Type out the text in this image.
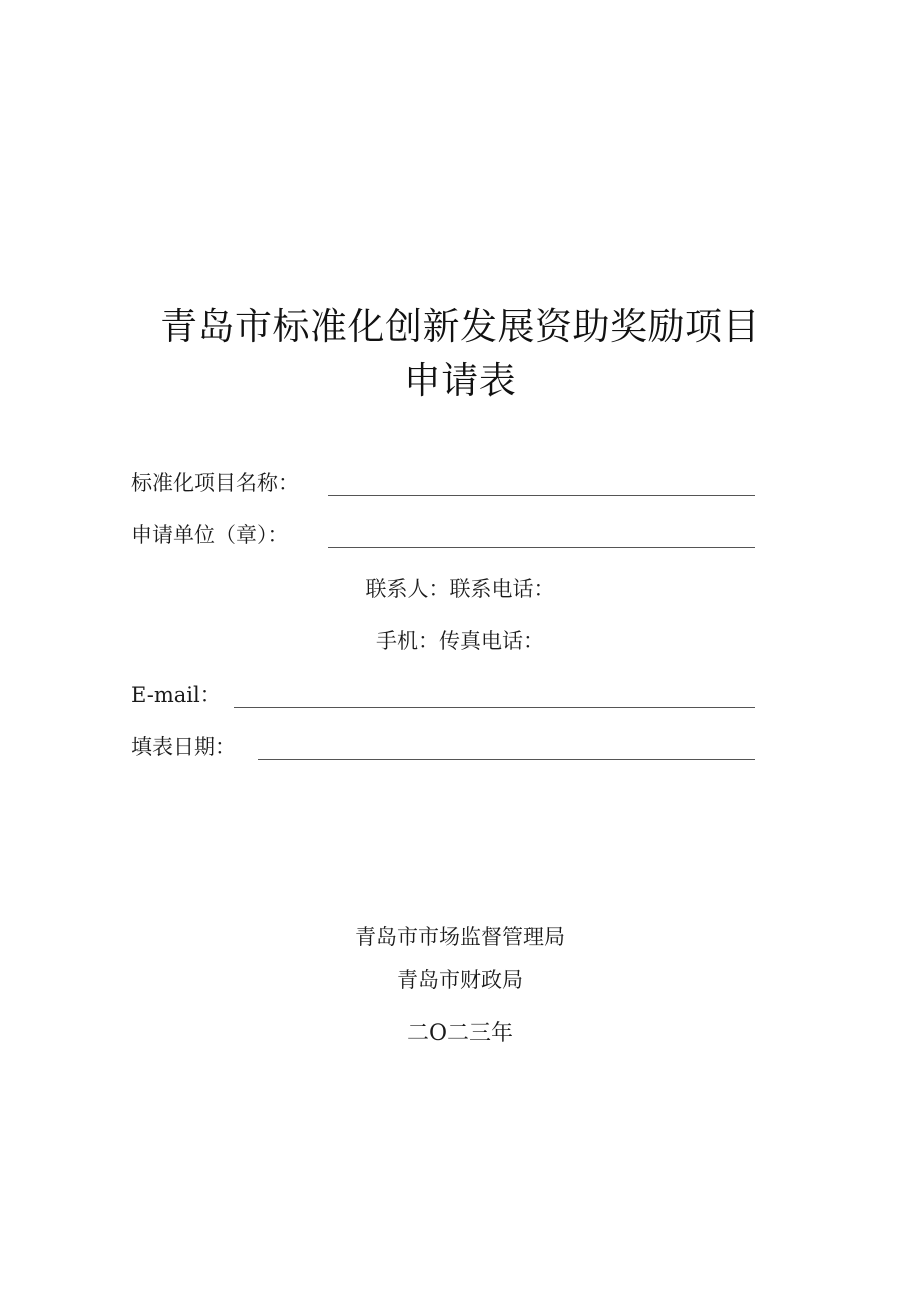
青岛市标准化创新发展资助奖励项目
申请表
标准化项目名称：
申请单位（章）：
联系人：联系电话：
手机：传真电话：
E-mail：
填表日期：
青岛市市场监督管理局
青岛市财政局
二O二三年
